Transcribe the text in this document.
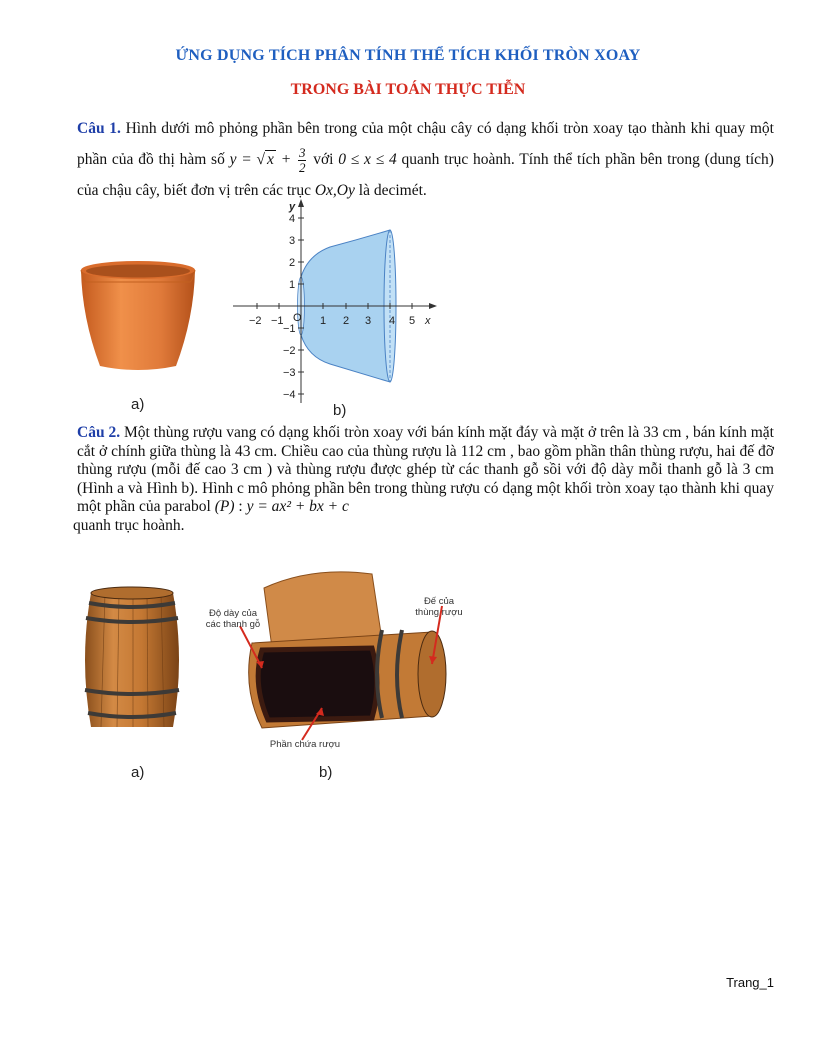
ỨNG DỤNG TÍCH PHÂN TÍNH THỂ TÍCH KHỐI TRÒN XOAY
TRONG BÀI TOÁN THỰC TIỄN
Câu 1. Hình dưới mô phỏng phần bên trong của một chậu cây có dạng khối tròn xoay tạo thành khi quay một phần của đồ thị hàm số y = √ $x + \frac{3}{2}$ với 0 ≤ x ≤ 4 quanh trục hoành. Tính thể tích phần bên trong (dung tích) của chậu cây, biết đơn vị trên các trục Ox,Oy là decimét.
a)
y
x
O
−2 −1	1 2 3 4 5
4
3
2
1
−1
−2
−3
−4
b)
Câu 2. Một thùng rượu vang có dạng khối tròn xoay với bán kính mặt đáy và mặt ở trên là 33 cm , bán kính mặt cắt ở chính giữa thùng là 43 cm. Chiều cao của thùng rượu là 112 cm , bao gồm phần thân thùng rượu, hai đế đỡ thùng rượu (mỗi đế cao 3 cm ) và thùng rượu được ghép từ các thanh gỗ sồi với độ dày mỗi thanh gỗ là 3 cm (Hình a và Hình b). Hình c mô phỏng phần bên trong thùng rượu có dạng một khối tròn xoay tạo thành khi quay một phần của parabol (P) : y = ax² + bx + c
quanh trục hoành.
a)
Độ dày của các thanh gỗ
Đế của thùng rượu
Phần chứa rượu
b)
Trang_1
